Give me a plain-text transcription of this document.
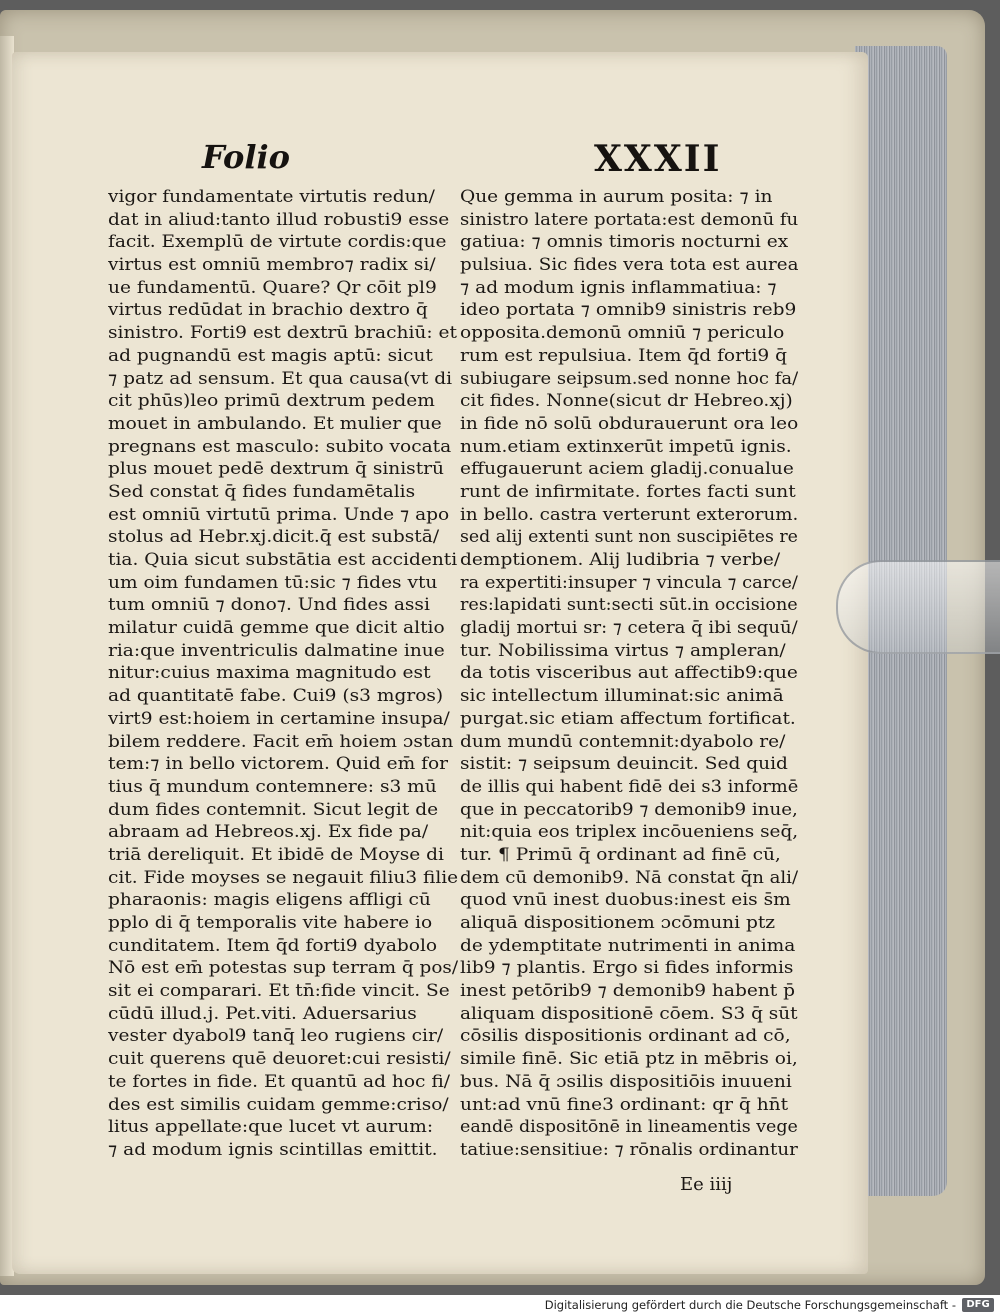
Folio	XXXII
vigor fundamentate virtutis redun/
dat in aliud:tanto illud robusti9 esse
facit. Exemplū de virtute cordis:que
virtus est omniū membro⁊ radix si/
ue fundamentū. Quare? Qr cōit pl9
virtus redūdat in brachio dextro q̄
sinistro. Forti9 est dextrū brachiū: et
ad pugnandū est magis aptū: sicut
⁊ patz ad sensum. Et qua causa(vt di
cit phūs)leo primū dextrum pedem
mouet in ambulando. Et mulier que
pregnans est masculo: subito vocata
plus mouet pedē dextrum q̄ sinistrū
Sed constat q̄ fides fundamētalis
est omniū virtutū prima. Unde ⁊ apo
stolus ad Hebr.xj.dicit.q̄ est substā/
tia. Quia sicut substātia est accidenti
um oim fundamen tū:sic ⁊ fides vtu
tum omniū ⁊ dono⁊. Und fides assi
milatur cuidā gemme que dicit altio
ria:que inventriculis dalmatine inue
nitur:cuius maxima magnitudo est
ad quantitatē fabe. Cui9 (s3 mgros)
virt9 est:hoiem in certamine insupa/
bilem reddere. Facit em̄ hoiem ɔstan
tem:⁊ in bello victorem. Quid em̄ for
tius q̄ mundum contemnere: s3 mū
dum fides contemnit. Sicut legit de
abraam ad Hebreos.xj. Ex fide pa/
triā dereliquit. Et ibidē de Moyse di
cit. Fide moyses se negauit filiu3 filie
pharaonis: magis eligens affligi cū
pplo di q̄ temporalis vite habere io
cunditatem. Item q̄d forti9 dyabolo
Nō est em̄ potestas sup terram q̄ pos/
sit ei comparari. Et tn̄:fide vincit. Se
cūdū illud.j. Pet.viti. Aduersarius
vester dyabol9 tanq̄ leo rugiens cir/
cuit querens quē deuoret:cui resisti/
te fortes in fide. Et quantū ad hoc fi/
des est similis cuidam gemme:criso/
litus appellate:que lucet vt aurum:
⁊ ad modum ignis scintillas emittit.
Que gemma in aurum posita: ⁊ in
sinistro latere portata:est demonū fu
gatiua: ⁊ omnis timoris nocturni ex
pulsiua. Sic fides vera tota est aurea
⁊ ad modum ignis inflammatiua: ⁊
ideo portata ⁊ omnib9 sinistris reb9
opposita.demonū omniū ⁊ periculo
rum est repulsiua. Item q̄d forti9 q̄
subiugare seipsum.sed nonne hoc fa/
cit fides. Nonne(sicut dr Hebreo.xj)
in fide nō solū obdurauerunt ora leo
num.etiam extinxerūt impetū ignis.
effugauerunt aciem gladij.conualue
runt de infirmitate. fortes facti sunt
in bello. castra verterunt exterorum.
sed alij extenti sunt non suscipiētes re
demptionem. Alij ludibria ⁊ verbe/
ra expertiti:insuper ⁊ vincula ⁊ carce/
res:lapidati sunt:secti sūt.in occisione
gladij mortui sr: ⁊ cetera q̄ ibi sequū/
tur. Nobilissima virtus ⁊ ampleran/
da totis visceribus aut affectib9:que
sic intellectum illuminat:sic animā
purgat.sic etiam affectum fortificat.
dum mundū contemnit:dyabolo re/
sistit: ⁊ seipsum deuincit. Sed quid
de illis qui habent fidē dei s3 informē
que in peccatorib9 ⁊ demonib9 inue,
nit:quia eos triplex incōueniens seq̄,
tur. ¶ Primū q̄ ordinant ad finē cū,
dem cū demonib9. Nā constat q̄n ali/
quod vnū inest duobus:inest eis s̄m
aliquā dispositionem ɔcōmuni ptz
de ydemptitate nutrimenti in anima
lib9 ⁊ plantis. Ergo si fides informis
inest petōrib9 ⁊ demonib9 habent p̄
aliquam dispositionē cōem. S3 q̄ sūt
cōsilis dispositionis ordinant ad cō,
simile finē. Sic etiā ptz in mēbris oi,
bus. Nā q̄ ɔsilis dispositiōis inuueni
unt:ad vnū fine3 ordinant: qr q̄ hn̄t
eandē dispositōnē in lineamentis vege
tatiue:sensitiue: ⁊ rōnalis ordinantur
Ee iiij
Digitalisierung gefördert durch die Deutsche Forschungsgemeinschaft -	DFG
